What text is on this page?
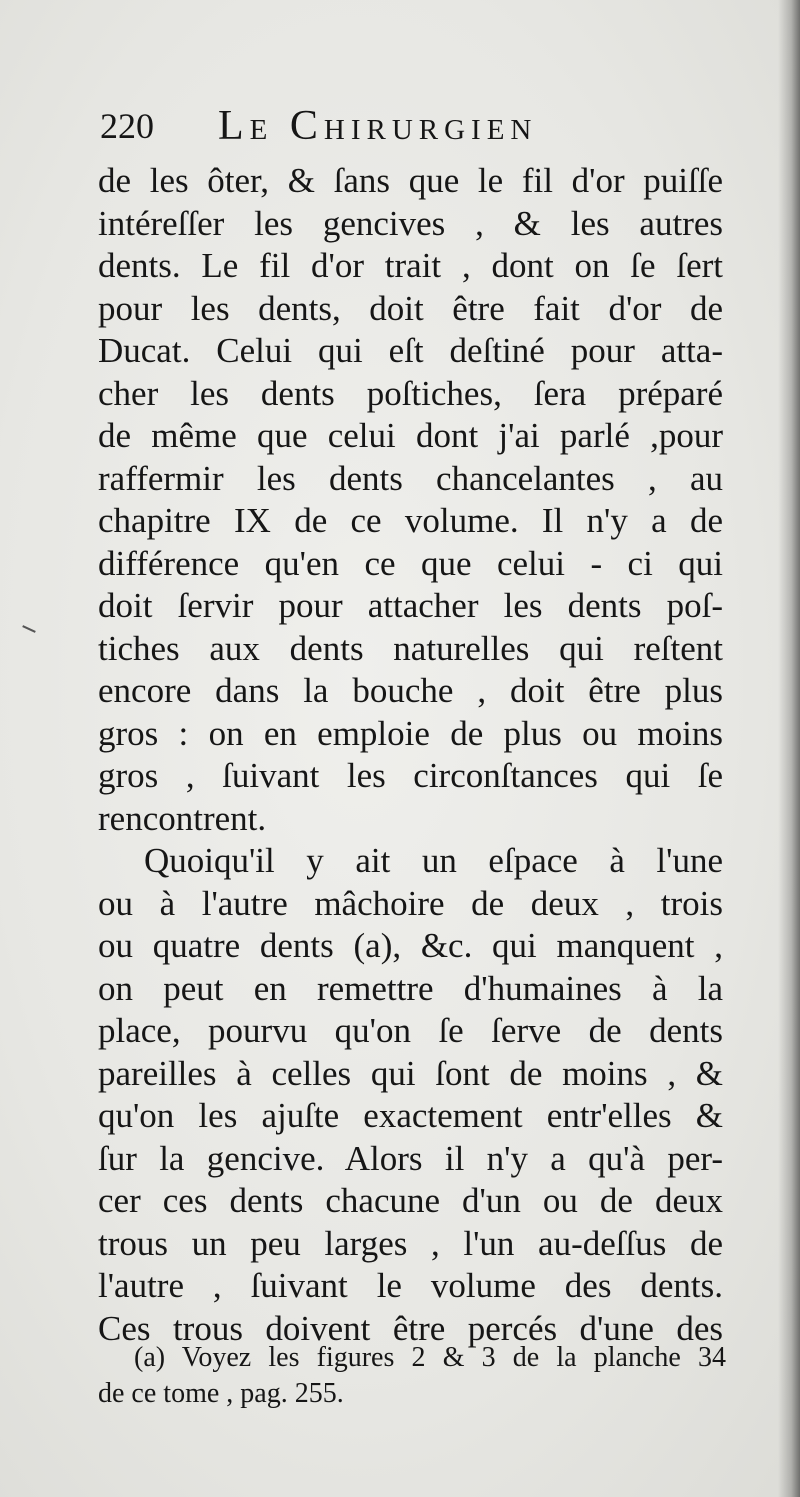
220 Le Chirurgien
de les ôter, & ſans que le fil d'or puiſſe
intéreſſer les gencives , & les autres
dents. Le fil d'or trait , dont on ſe ſert
pour les dents, doit être fait d'or de
Ducat. Celui qui eſt deſtiné pour atta-
cher les dents poſtiches, ſera préparé
de même que celui dont j'ai parlé ,pour
raffermir les dents chancelantes , au
chapitre IX de ce volume. Il n'y a de
différence qu'en ce que celui - ci qui
doit ſervir pour attacher les dents poſ-
tiches aux dents naturelles qui reſtent
encore dans la bouche , doit être plus
gros : on en emploie de plus ou moins
gros , ſuivant les circonſtances qui ſe
rencontrent.
Quoiqu'il y ait un eſpace à l'une
ou à l'autre mâchoire de deux , trois
ou quatre dents (a), &c. qui manquent ,
on peut en remettre d'humaines à la
place, pourvu qu'on ſe ſerve de dents
pareilles à celles qui ſont de moins , &
qu'on les ajuſte exactement entr'elles &
ſur la gencive. Alors il n'y a qu'à per-
cer ces dents chacune d'un ou de deux
trous un peu larges , l'un au-deſſus de
l'autre , ſuivant le volume des dents.
Ces trous doivent être percés d'une des
(a) Voyez les figures 2 & 3 de la planche 34
de ce tome , pag. 255.
